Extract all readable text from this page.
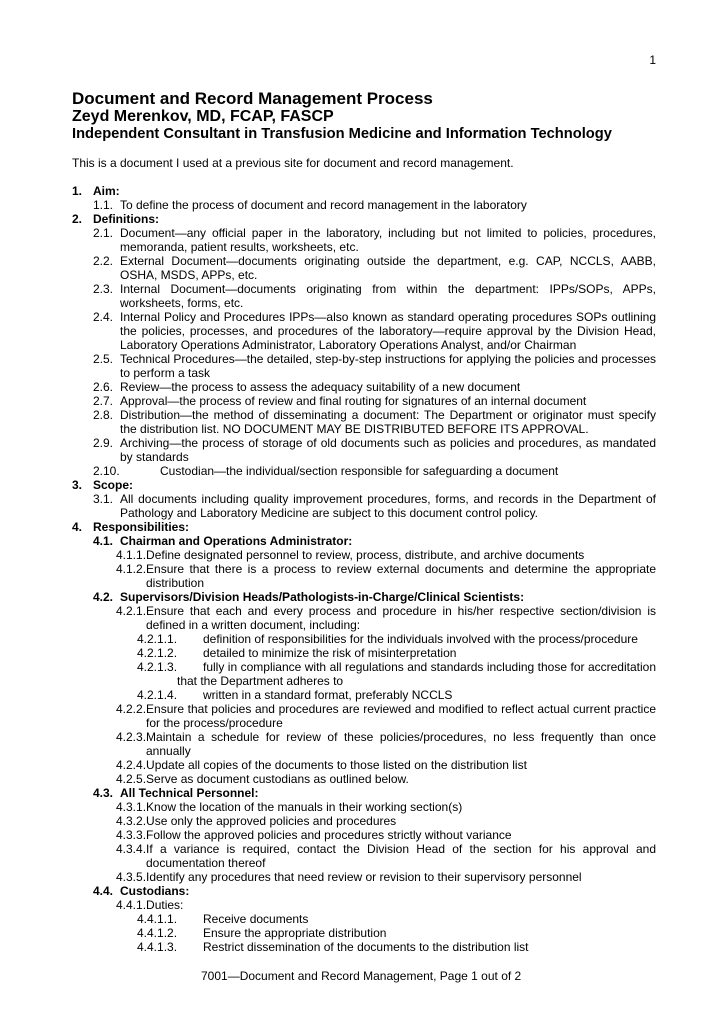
1
Document and Record Management Process
Zeyd Merenkov, MD, FCAP, FASCP
Independent Consultant in Transfusion Medicine and Information Technology
This is a document I used at a previous site for document and record management.
1. Aim:
1.1. To define the process of document and record management in the laboratory
2. Definitions:
2.1. Document—any official paper in the laboratory, including but not limited to policies, procedures,
memoranda, patient results, worksheets, etc.
2.2. External Document—documents originating outside the department, e.g. CAP, NCCLS, AABB,
OSHA, MSDS, APPs, etc.
2.3. Internal Document—documents originating from within the department: IPPs/SOPs, APPs,
worksheets, forms, etc.
2.4. Internal Policy and Procedures IPPs—also known as standard operating procedures SOPs outlining
the policies, processes, and procedures of the laboratory—require approval by the Division Head,
Laboratory Operations Administrator, Laboratory Operations Analyst, and/or Chairman
2.5. Technical Procedures—the detailed, step-by-step instructions for applying the policies and processes
to perform a task
2.6. Review—the process to assess the adequacy suitability of a new document
2.7. Approval—the process of review and final routing for signatures of an internal document
2.8. Distribution—the method of disseminating a document: The Department or originator must specify
the distribution list. NO DOCUMENT MAY BE DISTRIBUTED BEFORE ITS APPROVAL.
2.9. Archiving—the process of storage of old documents such as policies and procedures, as mandated
by standards
2.10.	Custodian—the individual/section responsible for safeguarding a document
3. Scope:
3.1. All documents including quality improvement procedures, forms, and records in the Department of
Pathology and Laboratory Medicine are subject to this document control policy.
4. Responsibilities:
4.1. Chairman and Operations Administrator:
4.1.1.Define designated personnel to review, process, distribute, and archive documents
4.1.2.Ensure that there is a process to review external documents and determine the appropriate
distribution
4.2. Supervisors/Division Heads/Pathologists-in-Charge/Clinical Scientists:
4.2.1.Ensure that each and every process and procedure in his/her respective section/division is
defined in a written document, including:
4.2.1.1. definition of responsibilities for the individuals involved with the process/procedure
4.2.1.2. detailed to minimize the risk of misinterpretation
4.2.1.3. fully in compliance with all regulations and standards including those for accreditation
that the Department adheres to
4.2.1.4. written in a standard format, preferably NCCLS
4.2.2.Ensure that policies and procedures are reviewed and modified to reflect actual current practice
for the process/procedure
4.2.3.Maintain a schedule for review of these policies/procedures, no less frequently than once
annually
4.2.4.Update all copies of the documents to those listed on the distribution list
4.2.5.Serve as document custodians as outlined below.
4.3. All Technical Personnel:
4.3.1.Know the location of the manuals in their working section(s)
4.3.2.Use only the approved policies and procedures
4.3.3.Follow the approved policies and procedures strictly without variance
4.3.4.If a variance is required, contact the Division Head of the section for his approval and
documentation thereof
4.3.5.Identify any procedures that need review or revision to their supervisory personnel
4.4. Custodians:
4.4.1.Duties:
4.4.1.1. Receive documents
4.4.1.2. Ensure the appropriate distribution
4.4.1.3. Restrict dissemination of the documents to the distribution list
7001—Document and Record Management, Page 1 out of 2
